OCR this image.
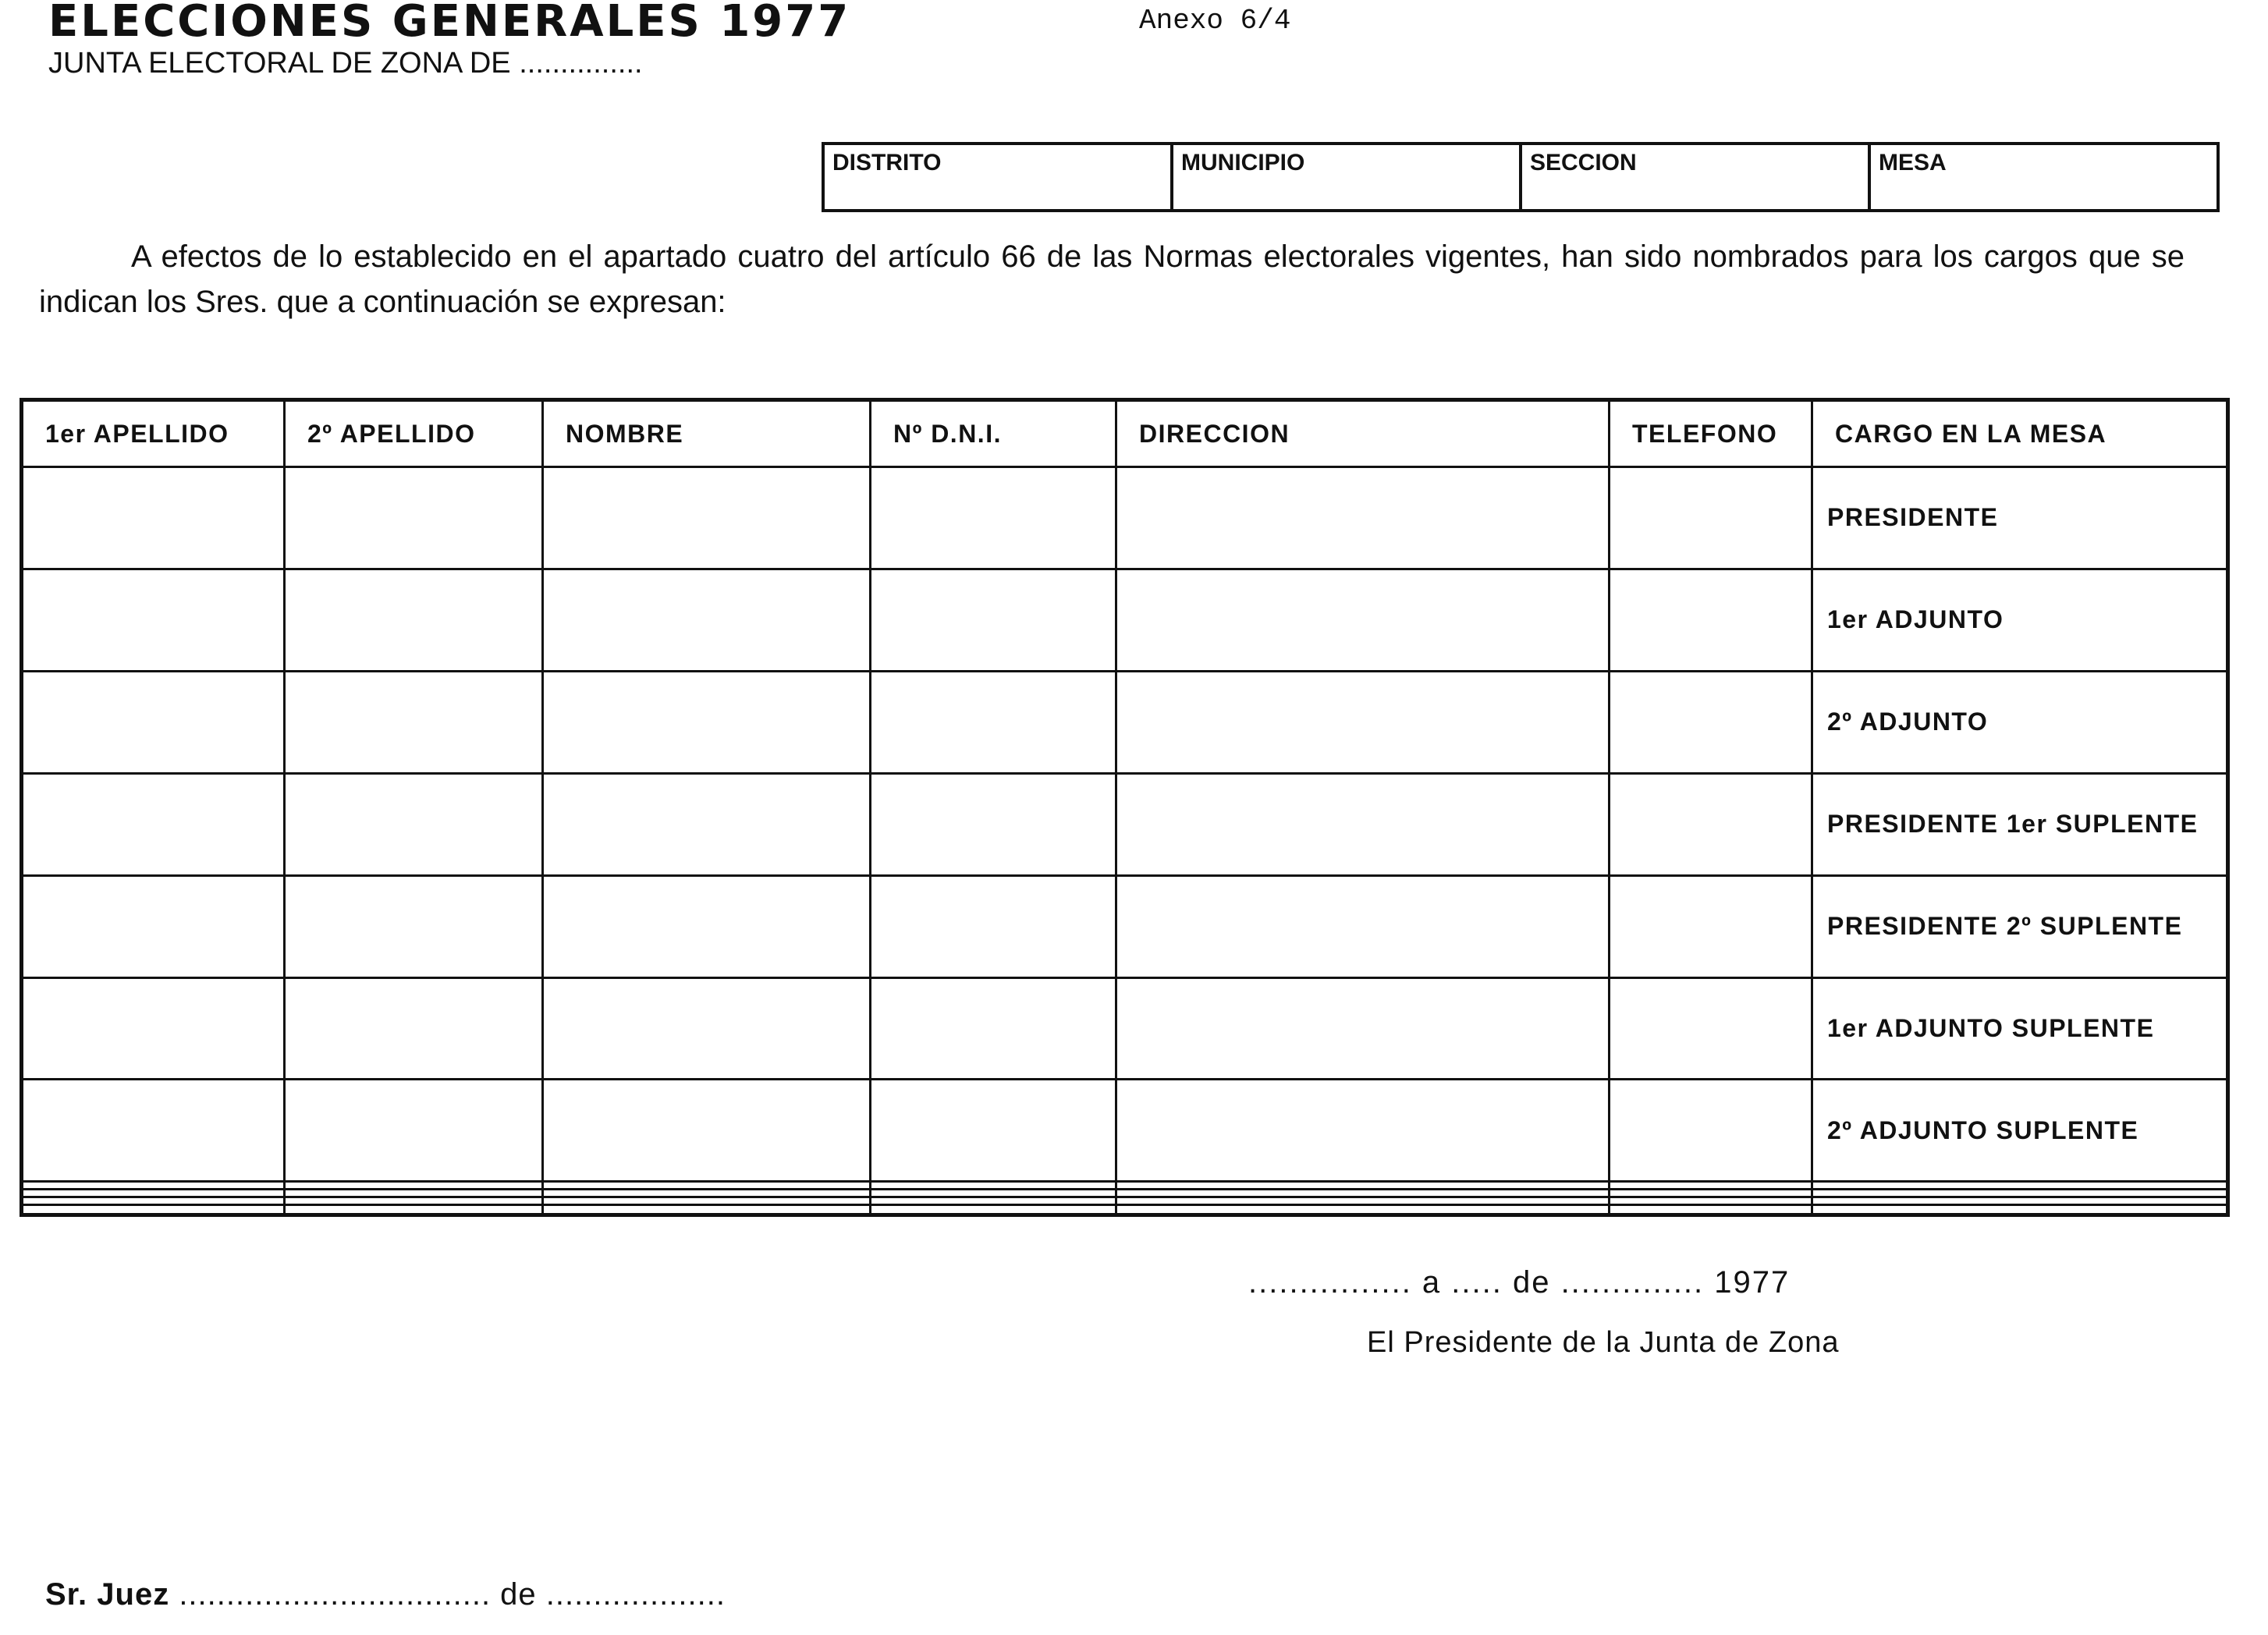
ELECCIONES GENERALES 1977
JUNTA ELECTORAL DE ZONA DE ...............
Anexo 6/4
DISTRITO	MUNICIPIO	SECCION	MESA
A efectos de lo establecido en el apartado cuatro del artículo 66 de las Normas electorales vigentes, han sido nombrados para los cargos que se indican los Sres. que a continuación se expresan:
1er APELLIDO	2º APELLIDO	NOMBRE	Nº D.N.I.	DIRECCION	TELEFONO	CARGO EN LA MESA
						PRESIDENTE
						1er ADJUNTO
						2º ADJUNTO
						PRESIDENTE 1er SUPLENTE
						PRESIDENTE 2º SUPLENTE
						1er ADJUNTO SUPLENTE
						2º ADJUNTO SUPLENTE

................ a ..... de .............. 1977
El Presidente de la Junta de Zona
Sr. Juez ................................. de ...................
